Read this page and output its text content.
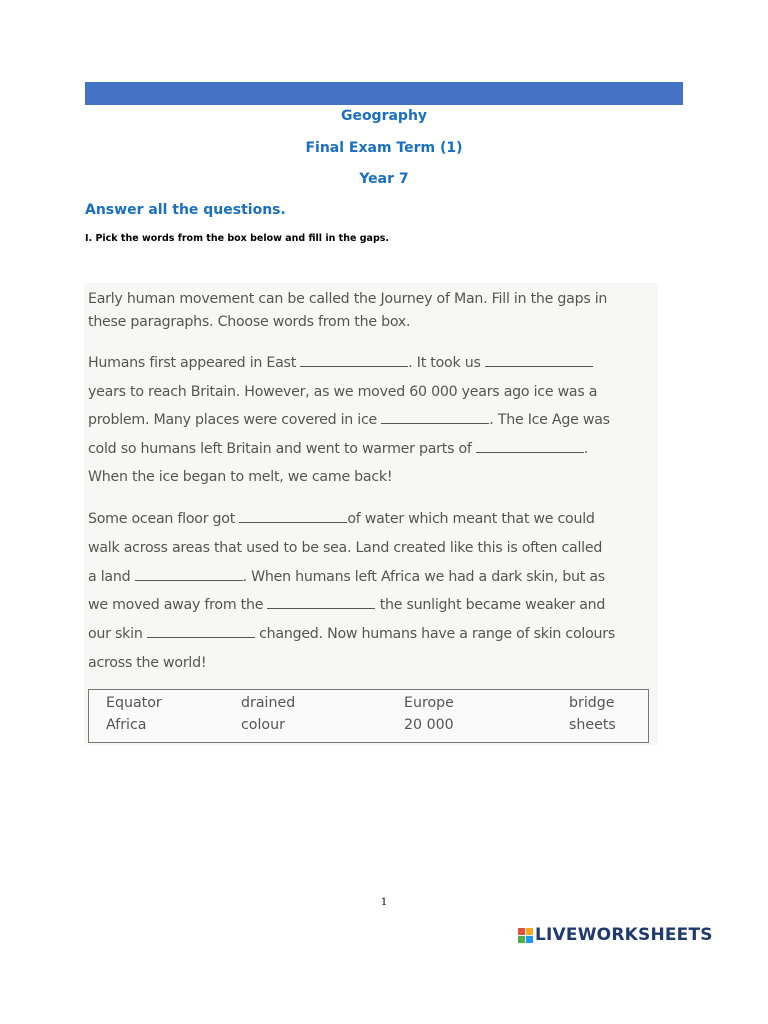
Geography
Final Exam Term (1)
Year 7
Answer all the questions.
I. Pick the words from the box below and fill in the gaps.
Early human movement can be called the Journey of Man. Fill in the gaps in
these paragraphs. Choose words from the box.
Humans first appeared in East	. It took us
years to reach Britain. However, as we moved 60 000 years ago ice was a
problem. Many places were covered in ice	. The Ice Age was
cold so humans left Britain and went to warmer parts of	.
When the ice began to melt, we came back!
Some ocean floor got	of water which meant that we could
walk across areas that used to be sea. Land created like this is often called
a land	. When humans left Africa we had a dark skin, but as
we moved away from the	the sunlight became weaker and
our skin	changed. Now humans have a range of skin colours
across the world!
Equator	drained	Europe	bridge
Africa	colour	20 000	sheets
1
LIVEWORKSHEETS
